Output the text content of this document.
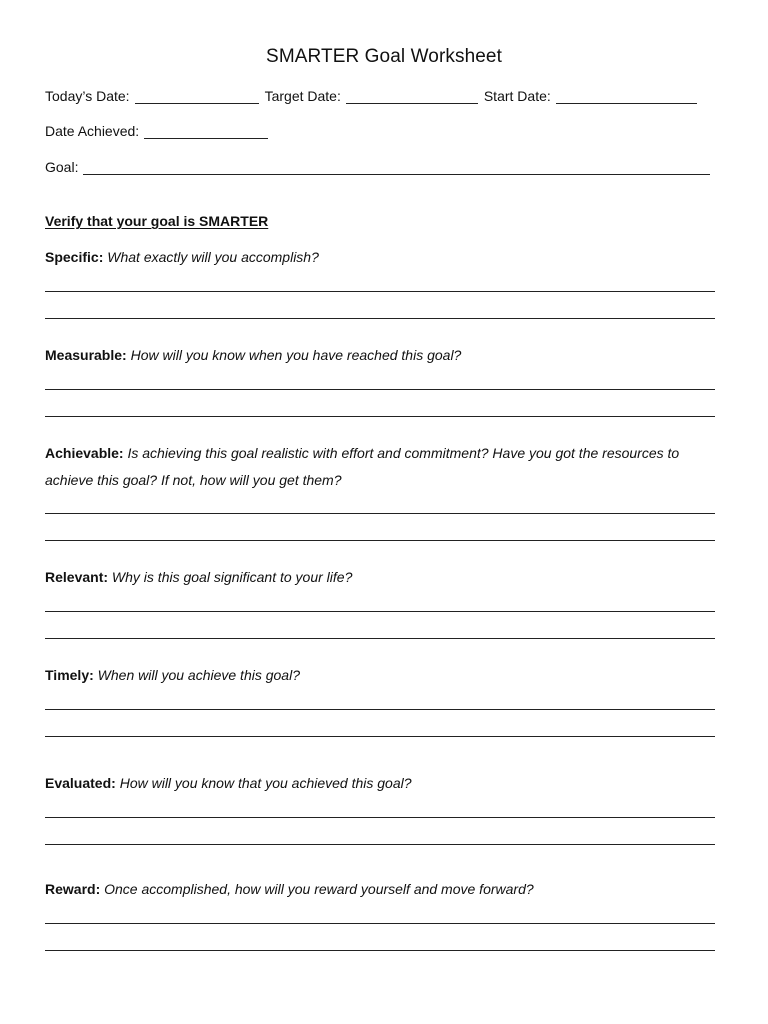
SMARTER Goal Worksheet
Today’s Date:	Target Date:	Start Date:
Date Achieved:
Goal:
Verify that your goal is SMARTER
Specific: What exactly will you accomplish?
Measurable: How will you know when you have reached this goal?
Achievable: Is achieving this goal realistic with effort and commitment? Have you got the resources to achieve this goal? If not, how will you get them?
Relevant: Why is this goal significant to your life?
Timely: When will you achieve this goal?
Evaluated: How will you know that you achieved this goal?
Reward: Once accomplished, how will you reward yourself and move forward?
